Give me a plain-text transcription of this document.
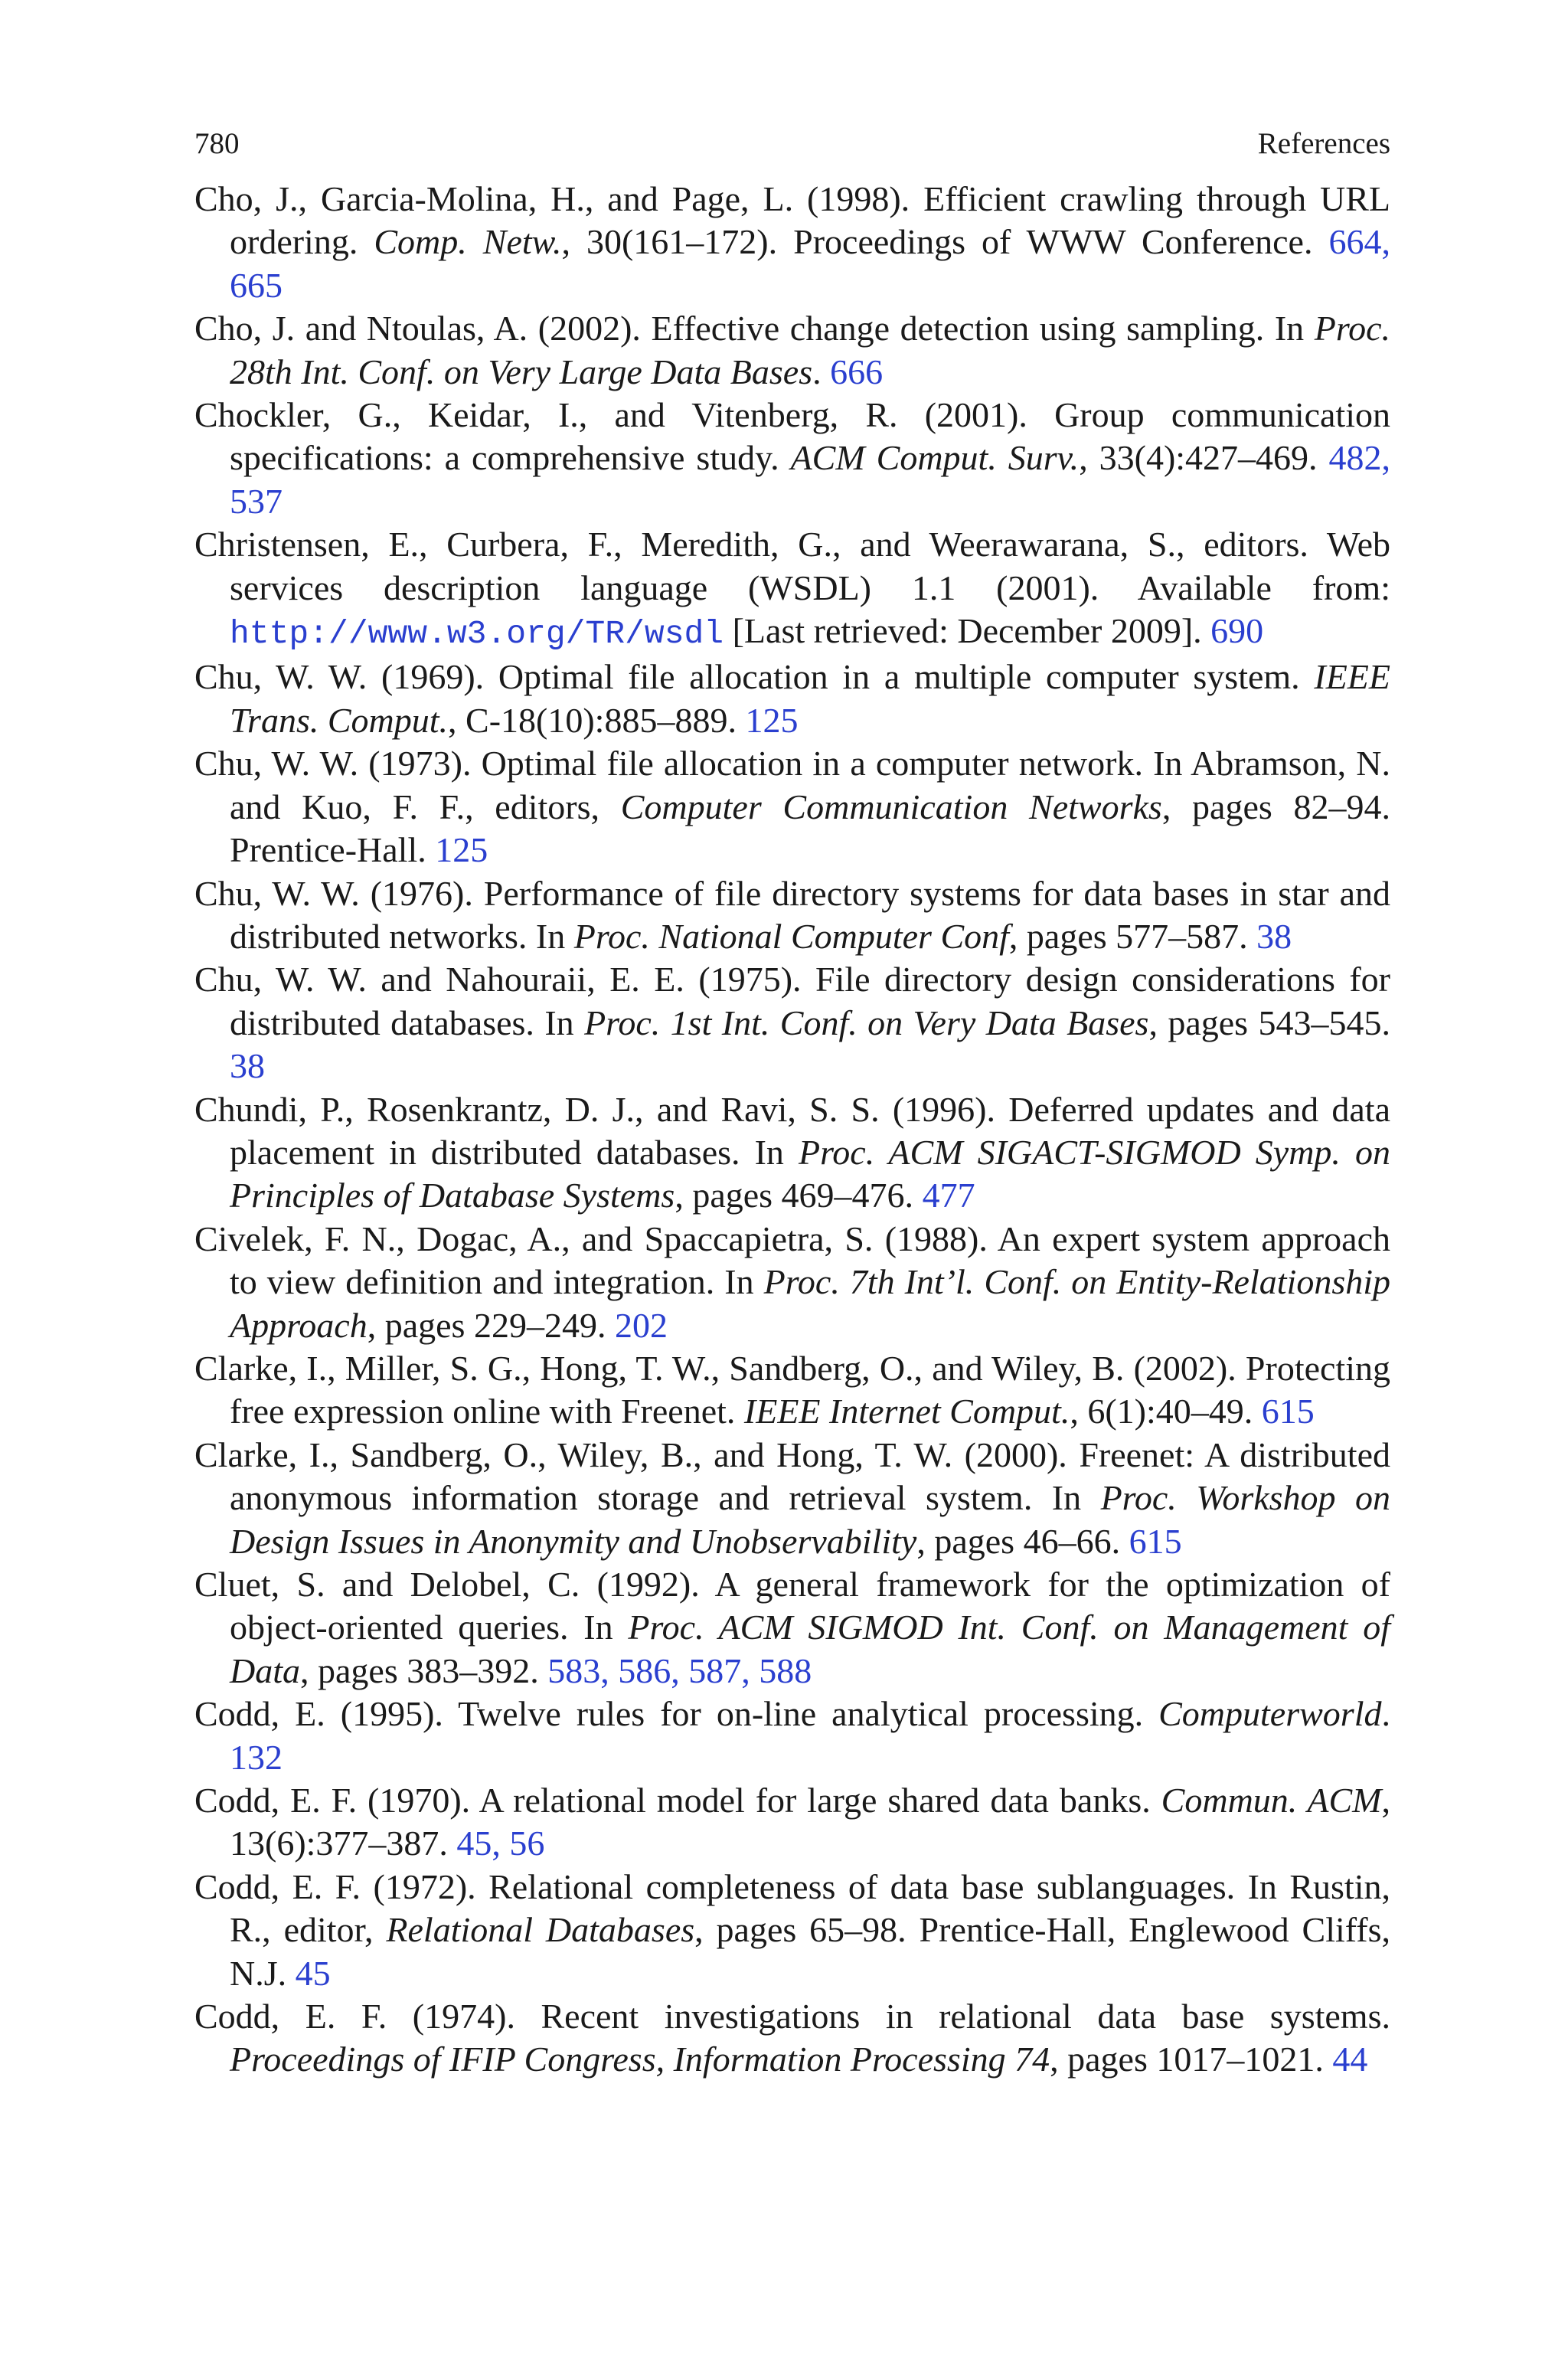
780	References

Cho, J., Garcia-Molina, H., and Page, L. (1998). Efficient crawling through URL ordering. Comp. Netw., 30(161–172). Proceedings of WWW Conference. 664, 665

Cho, J. and Ntoulas, A. (2002). Effective change detection using sampling. In Proc. 28th Int. Conf. on Very Large Data Bases. 666

Chockler, G., Keidar, I., and Vitenberg, R. (2001). Group communication specifications: a comprehensive study. ACM Comput. Surv., 33(4):427–469. 482, 537

Christensen, E., Curbera, F., Meredith, G., and Weerawarana, S., editors. Web services description language (WSDL) 1.1 (2001). Available from: http://www.w3.org/TR/wsdl [Last retrieved: December 2009]. 690

Chu, W. W. (1969). Optimal file allocation in a multiple computer system. IEEE Trans. Comput., C-18(10):885–889. 125

Chu, W. W. (1973). Optimal file allocation in a computer network. In Abramson, N. and Kuo, F. F., editors, Computer Communication Networks, pages 82–94. Prentice-Hall. 125

Chu, W. W. (1976). Performance of file directory systems for data bases in star and distributed networks. In Proc. National Computer Conf, pages 577–587. 38

Chu, W. W. and Nahouraii, E. E. (1975). File directory design considerations for distributed databases. In Proc. 1st Int. Conf. on Very Data Bases, pages 543–545. 38

Chundi, P., Rosenkrantz, D. J., and Ravi, S. S. (1996). Deferred updates and data placement in distributed databases. In Proc. ACM SIGACT-SIGMOD Symp. on Principles of Database Systems, pages 469–476. 477

Civelek, F. N., Dogac, A., and Spaccapietra, S. (1988). An expert system approach to view definition and integration. In Proc. 7th Int’l. Conf. on Entity-Relationship Approach, pages 229–249. 202

Clarke, I., Miller, S. G., Hong, T. W., Sandberg, O., and Wiley, B. (2002). Protecting free expression online with Freenet. IEEE Internet Comput., 6(1):40–49. 615

Clarke, I., Sandberg, O., Wiley, B., and Hong, T. W. (2000). Freenet: A distributed anonymous information storage and retrieval system. In Proc. Workshop on Design Issues in Anonymity and Unobservability, pages 46–66. 615

Cluet, S. and Delobel, C. (1992). A general framework for the optimization of object-oriented queries. In Proc. ACM SIGMOD Int. Conf. on Management of Data, pages 383–392. 583, 586, 587, 588

Codd, E. (1995). Twelve rules for on-line analytical processing. Computerworld. 132

Codd, E. F. (1970). A relational model for large shared data banks. Commun. ACM, 13(6):377–387. 45, 56

Codd, E. F. (1972). Relational completeness of data base sublanguages. In Rustin, R., editor, Relational Databases, pages 65–98. Prentice-Hall, Englewood Cliffs, N.J. 45

Codd, E. F. (1974). Recent investigations in relational data base systems. Proceedings of IFIP Congress, Information Processing 74, pages 1017–1021. 44
